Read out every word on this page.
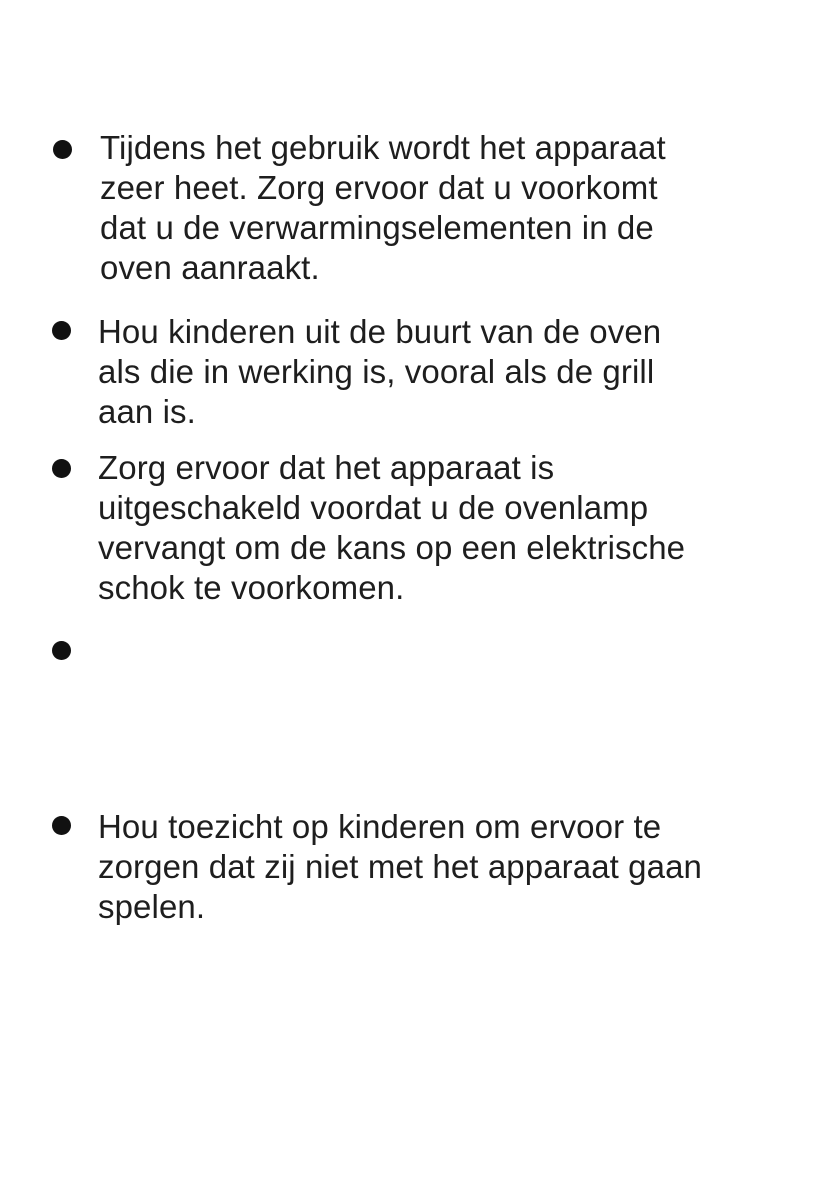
Tijdens het gebruik wordt het apparaat
zeer heet. Zorg ervoor dat u voorkomt
dat u de verwarmingselementen in de
oven aanraakt.

Hou kinderen uit de buurt van de oven
als die in werking is, vooral als de grill
aan is.

Zorg ervoor dat het apparaat is
uitgeschakeld voordat u de ovenlamp
vervangt om de kans op een elektrische
schok te voorkomen.

Hou toezicht op kinderen om ervoor te
zorgen dat zij niet met het apparaat gaan
spelen.
